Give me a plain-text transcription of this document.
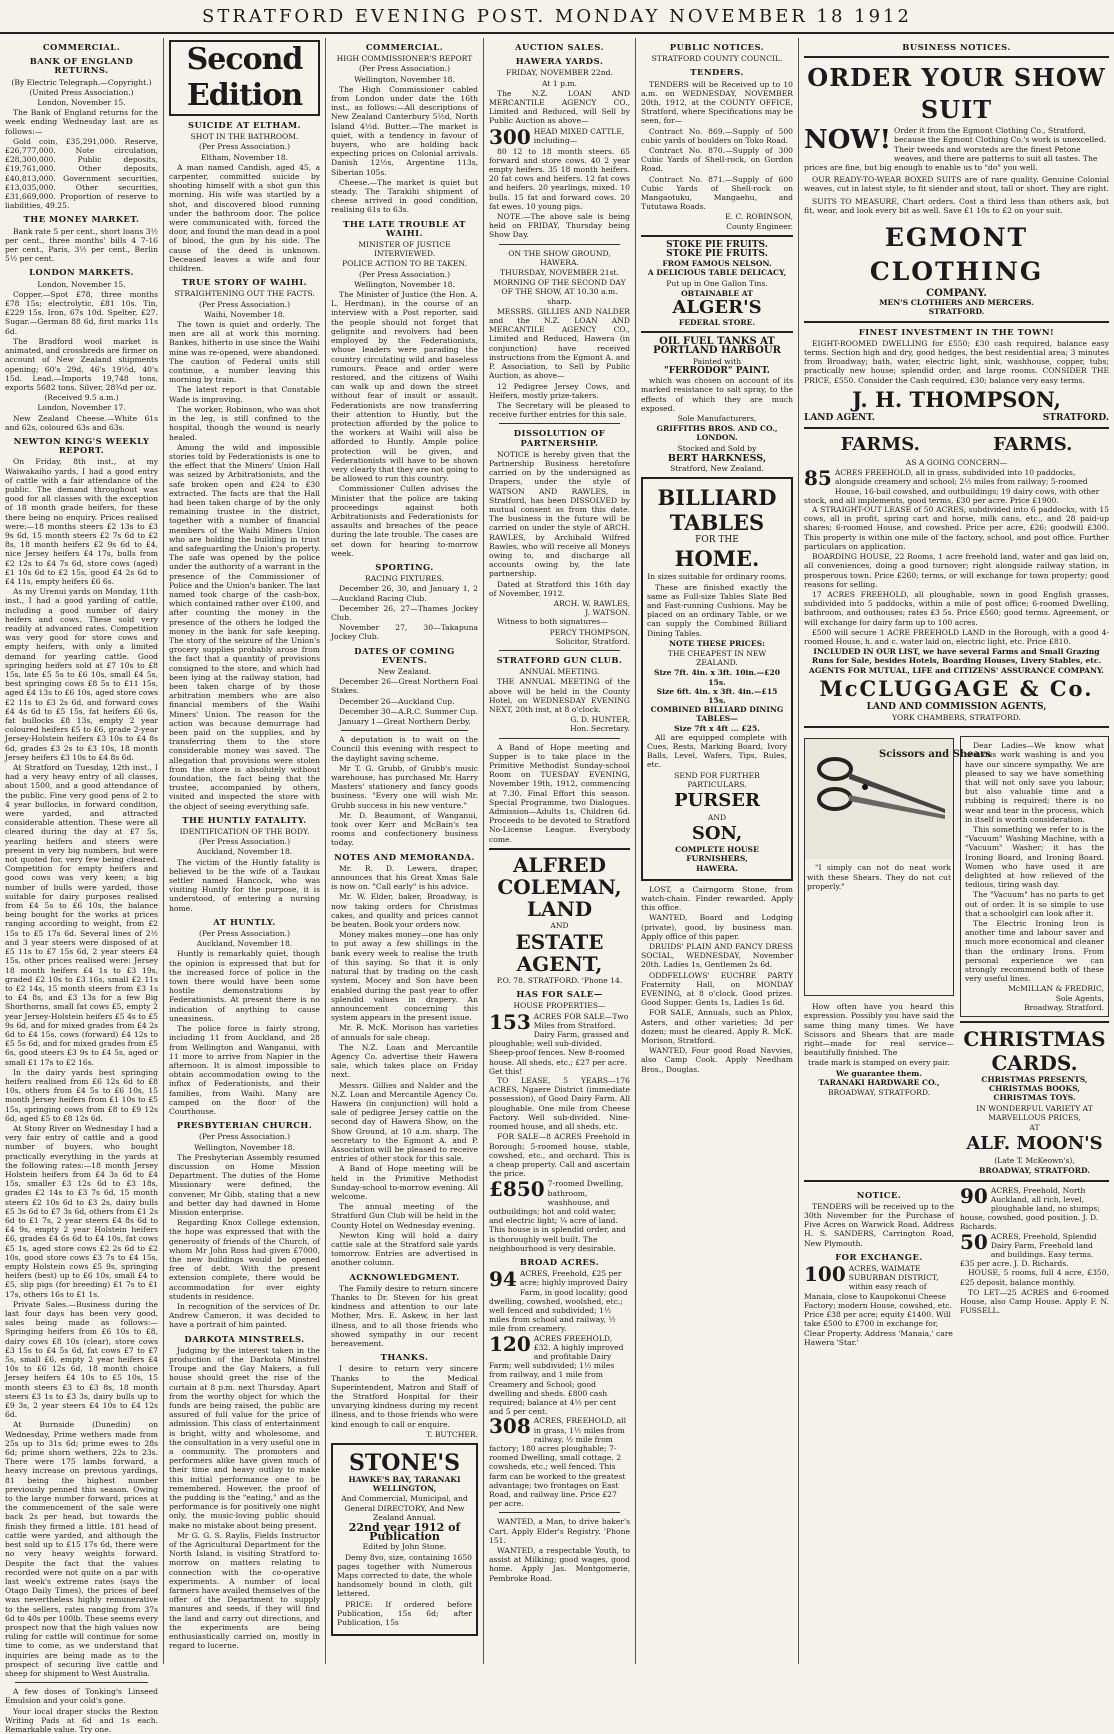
STRATFORD EVENING POST. MONDAY NOVEMBER 18 1912
COMMERCIAL.
BANK OF ENGLAND RETURNS.
(By Electric Telegraph.—Copyright.)
(United Press Association.)
London, November 15.

The Bank of England returns for the week ending Wednesday last are as follows:—

Gold coin, £35,291,000. Reserve, £26,777,000. Note circulation, £28,300,000. Public deposits, £19,761,000. Other deposits, £40,813,000. Government securities, £13,035,000. Other securities, £31,669,000. Proportion of reserve to liabilities, 49.25.

THE MONEY MARKET.

Bank rate 5 per cent., short loans 3½ per cent., three months' bills 4 7-16 per cent., Paris, 3½ per cent., Berlin 5½ per cent.

LONDON MARKETS.
London, November 15.

Copper.—Spot £78, three months £78 15s; electrolytic, £81 10s. Tin, £229 15s. Iron, 67s 10d. Spelter, £27. Sugar.—German 88 6d, first marks 11s 6d.

The Bradford wool market is animated, and crossbreds are firmer on account of New Zealand shipments opening; 60's 29d, 46's 19½d, 40's 15d. Lead.—Imports 19,748 tons, exports 5682 tons. Silver, 28¾d per oz.

(Received 9.5 a.m.)
London, November 17.

New Zealand Cheese.—White 61s and 62s, coloured 63s and 63s.

NEWTON KING'S WEEKLY REPORT.

On Friday, 8th inst., at my Waiwakaiho yards, I had a good entry of cattle with a fair attendance of the public. The demand throughout was good for all classes with the exception of 18 month grade heifers, for these there being no enquiry. Prices realised were:—18 months steers £2 13s to £3 9s 6d, 15 month steers £2 7s 6d to £2 8s, 18 month heifers £2 9s 6d to £4, nice Jersey heifers £4 17s, bulls from £2 12s to £4 7s 6d, store cows (aged) £1 10s 6d to £2 15s, good £4 2s 6d to £4 11s, empty heifers £6 6s.

As my Urenui yards on Monday, 11th inst., I had a good yarding of cattle, including a good number of dairy heifers and cows. These sold very readily at advanced rates. Competition was very good for store cows and empty heifers, with only a limited demand for yearling cattle. Good springing heifers sold at £7 10s to £8 15s, late £5 5s to £6 10s, small £4 5s, best springing cows £8 5s to £11 15s, aged £4 13s to £6 10s, aged store cows £2 11s to £3 2s 6d, and forward cows £4 4s 6d to £5 15s, fat heifers £6 6s, fat bullocks £8 13s, empty 2 year coloured heifers £5 to £6, grade 2-year Jersey-Holstein heifers £3 10s to £4 8s 6d, grades £3 2s to £3 10s, 18 month Jersey heifers £3 10s to £4 8s 6d.

At Stratford on Tuesday, 12th inst., I had a very heavy entry of all classes, about 1500, and a good attendance of the public. Fine very good pens of 2 to 4 year bullocks, in forward condition, were yarded, and attracted considerable attention. These were all cleared during the day at £7 5s, yearling heifers and steers were present in very big numbers, but were not quoted for, very few being cleared. Competition for empty heifers and good cows was very keen; a big number of bulls were yarded, those suitable for dairy purposes realised from £4 5s to £6 10s, the balance being bought for the works at prices ranging according to weight, from £2 15s to £5 17s 6d. Several lines of 2½ and 3 year steers were disposed of at £5 11s to £7 15s 6d, 2 year steers £4 15s, other prices realised were: Jersey 18 month heifers £4 1s to £3 19s, graded £2 10s to £3 16s, small £2 11s to £2 14s, 15 month steers from £3 1s to £4 8s, and £3 13s for a few Big Shorthorns, small fat cows £5, empty 2 year Jersey-Holstein heifers £5 4s to £5 9s 6d, and for mixed grades from £4 2s 6d to £4 15s, cows (forward) £4 12s to £5 5s 6d, and for mixed grades from £5 6s, good steers £3 9s to £4 5s, aged or small £1 17s to £2 16s.

In the dairy yards best springing heifers realised from £6 12s 6d to £8 10s, others from £4 5s to £6 10s, 15 month Jersey heifers from £1 10s to £5 15s, springing cows from £8 to £9 12s 6d, aged £5 to £8 12s 6d.

At Stony River on Wednesday I had a very fair entry of cattle and a good number of buyers, who bought practically everything in the yards at the following rates:—18 month Jersey Holstein heifers from £4 3s 6d to £4 15s, smaller £3 12s 6d to £3 18s, grades £2 14s to £3 7s 6d, 15 month steers £2 10s 6d to £3 2s, dairy bulls £5 3s 6d to £7 3s 6d, others from £1 2s 6d to £1 7s, 2 year steers £4 8s 6d to £4 9s, empty 2 year Holstein heifers £6, grades £4 6s 6d to £4 10s, fat cows £5 1s, aged store cows £2 2s 6d to £2 10s, good store cows £3 7s to £4 15s, empty Holstein cows £5 9s, springing heifers (best) up to £6 10s, small £4 to £5, slip pigs (for breeding) £1 7s to £1 17s, others 16s to £1 1s.

Private Sales.—Business during the last four days has been very good, sales being made as follows:—Springing heifers from £6 10s to £8, dairy cows £8 10s (clear), store cows £3 15s to £4 5s 6d, fat cows £7 to £7 5s, small £6, empty 2 year heifers £4 10s to £6 12s 6d, 18 month choice Jersey heifers £4 10s to £5 10s, 15 month steers £3 to £3 8s, 18 month steers £3 1s to £3 3s, dairy bulls up to £9 3s, 2 year steers £4 10s to £4 12s 6d.

At Burnside (Dunedin) on Wednesday, Prime wethers made from 25s up to 31s 6d; prime ewes to 28s 6d; prime shorn wethers, 22s to 23s. There were 175 lambs forward, a heavy increase on previous yardings, 81 being the highest number previously penned this season. Owing to the large number forward, prices at the commencement of the sale were back 2s per head, but towards the finish they firmed a little. 181 head of cattle were yarded, and although the best sold up to £15 17s 6d, there were no very heavy weights forward. Despite the fact that the values recorded were not quite on a par with last week's extreme rates (says the Otago Daily Times), the prices of beef was nevertheless highly remunerative to the sellers, rates ranging from 37s 6d to 40s per 100lb. These seems every prospect now that the high values now ruling for cattle will continue for some time to come, as we understand that inquiries are being made as to the prospect of securing live cattle and sheep for shipment to West Australia.

A few doses of Tonking's Linseed Emulsion and your cold's gone.

Your local draper stocks the Rexton Writing Pads at 6d and 1s each. Remarkable value. Try one.

Second Edition
SUICIDE AT ELTHAM.
SHOT IN THE BATHROOM.
(Per Press Association.)
Eltham, November 18.

A man named Candish, aged 45, a carpenter, committed suicide by shooting himself with a shot gun this morning. His wife was startled by a shot, and discovered blood running under the bathroom door. The police were communicated with, forced the door, and found the man dead in a pool of blood, the gun by his side. The cause of the deed is unknown. Deceased leaves a wife and four children.

TRUE STORY OF WAIHI.
STRAIGHTENING OUT THE FACTS.
(Per Press Association.)
Waihi, November 18.

The town is quiet and orderly. The men are all at work this morning. Bankes, hitherto in use since the Waihi mine was re-opened, were abandoned. The caution of Federal units still continue, a number leaving this morning by train.

The latest report is that Constable Wade is improving.

The worker, Robinson, who was shot in the leg, is still confined to the hospital, though the wound is nearly healed.

Among the wild and impossible stories told by Federationists is one to the effect that the Miners' Union Hall was seized by Arbitrationists, and the safe broken open and £24 to £30 extracted. The facts are that the Hall had been taken charge of by the only remaining trustee in the district, together with a number of financial members of the Waihi Miners Union who are holding the building in trust and safeguarding the Union's property. The safe was opened by the police under the authority of a warrant in the presence of the Commissioner of Police and the Union's banker. The last named took charge of the cash-box, which contained rather over £100, and after counting the money in the presence of the others he lodged the money in the bank for safe keeping. The story of the seizure of the Union's grocery supplies probably arose from the fact that a quantity of provisions consigned to the store, and which had been lying at the railway station, had been taken charge of by those arbitration members who are also financial members of the Waihi Miners' Union. The reason for the action was because demurrage had been paid on the supplies, and by transferring them to the store considerable money was saved. The allegation that provisions were stolen from the store is absolutely without foundation, the fact being that the trustee, accompanied by others, visited and inspected the store with the object of seeing everything safe.

THE HUNTLY FATALITY.
IDENTIFICATION OF THE BODY.
(Per Press Association.)
Auckland, November 18.

The victim of the Huntly fatality is believed to be the wife of a Taukau settler named Hancock, who was visiting Huntly for the purpose, it is understood, of entering a nursing home.

AT HUNTLY.
(Per Press Association.)
Auckland, November 18.

Huntly is remarkably quiet, though the opinion is expressed that but for the increased force of police in the town there would have been some hostile demonstrations by Federationists. At present there is no indication of anything to cause uneasiness.

The police force is fairly strong, including 11 from Auckland, and 28 from Wellington and Wanganui, with 11 more to arrive from Napier in the afternoon. It is almost impossible to obtain accommodation owing to the influx of Federationists, and their families, from Waihi. Many are camped on the floor of the Courthouse.

PRESBYTERIAN CHURCH.
(Per Press Association.)
Wellington, November 18.

The Presbyterian Assembly resumed discussion on Home Mission Department. The duties of the Home Missionary were defined, the convener, Mr Gibb, stating that a new and better day had dawned in Home Mission enterprise.

Regarding Knox College extension, the hope was expressed that with the generosity of friends of the Church, of whom Mr John Ross had given £7000, the new buildings would be opened free of debt. With the present extension complete, there would be accommodation for over eighty students in residence.

In recognition of the services of Dr. Andrew Cameron, it was decided to have a portrait of him painted.

DARKOTA MINSTRELS.

Judging by the interest taken in the production of the Darkota Minstrel Troupe and the Gay Makers, a full house should greet the rise of the curtain at 8 p.m. next Thursday. Apart from the worthy object for which the funds are being raised, the public are assured of full value for the price of admission. This class of entertainment is bright, witty and wholesome, and the consultation in a very useful one in a community. The promoters and performers alike have given much of their time and heavy outlay to make this initial performance one to be remembered. However, the proof of the pudding is the "eating," and as the performance is for positively one night only, the music-loving public should make no mistake about being present.

Mr G. G. S. Raylis, Fields Instructor of the Agricultural Department for the North Island, is visiting Stratford to-morrow on matters relating to connection with the co-operative experiments. A number of local farmers have availed themselves of the offer of the Department to supply manures and seeds, if they will find the land and carry out directions, and the experiments are being enthusiastically carried on, mostly in regard to lucerne.

COMMERCIAL.
HIGH COMMISSIONER'S REPORT
(Per Press Association.)
Wellington, November 18.

The High Commissioner cabled from London under date the 16th inst., as follows:—All descriptions of New Zealand Canterbury 5½d, North Island 4½d. Butter.—The market is quiet, with a tendency in favour of buyers, who are holding back expecting prices on Colonial arrivals. Danish 12½s, Argentine 113s, Siberian 105s.

Cheese.—The market is quiet but steady. The Tarakihi shipment of cheese arrived in good condition, realising 61s to 63s.

THE LATE TROUBLE AT WAIHI.
MINISTER OF JUSTICE INTERVIEWED.
POLICE ACTION TO BE TAKEN.
(Per Press Association.)
Wellington, November 18.

The Minister of Justice (the Hon. A. L. Herdman), in the course of an interview with a Post reporter, said the people should not forget that gelignite and revolvers had been employed by the Federationists, whose leaders were parading the country circulating wild and baseless rumours. Peace and order were restored, and the citizens of Waihi can walk up and down the street without fear of insult or assault. Federationists are now transferring their attention to Huntly, but the protection afforded by the police to the workers at Waihi will also be afforded to Huntly. Ample police protection will be given, and Federationists will have to be shown very clearly that they are not going to be allowed to run this country.

Commissioner Cullen advises the Minister that the police are taking proceedings against both Arbitrationists and Federationists for assaults and breaches of the peace during the late trouble. The cases are set down for hearing to-morrow week.

SPORTING.
RACING FIXTURES.

December 26, 30, and January 1, 2—Auckland Racing Club.

December 26, 27—Thames Jockey Club.

November 27, 30—Takapuna Jockey Club.

DATES OF COMING EVENTS.
New Zealand.

December 26—Great Northern Foal Stakes.

December 26—Auckland Cup.

December 30—A.R.C. Summer Cup.

January 1—Great Northern Derby.

A deputation is to wait on the Council this evening with respect to the daylight saving scheme.

Mr T. G. Grubb, of Grubb's music warehouse, has purchased Mr. Harry Masters' stationery and fancy goods business. "Every one will wish Mr. Grubb success in his new venture."

Mr. D. Beaumont, of Wanganui, took over Kerr and McBain's tea rooms and confectionery business today.

NOTES AND MEMORANDA.

Mr. R. D. Lewers, draper, announces that his Great Xmas Sale is now on. "Call early" is his advice.

Mr. W. Elder, baker, Broadway, is now taking orders for Christmas cakes, and quality and prices cannot be beaten. Book your orders now.

Money makes money—one has only to put away a few shillings in the bank every week to realise the truth of this saying. So that it is only natural that by trading on the cash system, Mocey and Son have been enabled during the past year to offer splendid values in drapery. An announcement concerning this system appears in the present issue.

Mr. R. McK. Morison has varieties of annuals for sale cheap.

The N.Z. Loan and Mercantile Agency Co. advertise their Hawera sale, which takes place on Friday next.

Messrs. Gillies and Nalder and the N.Z. Loan and Mercantile Agency Co. Hawera (in conjunction) will hold a sale of pedigree Jersey cattle on the second day of Hawera Show, on the Show Ground, at 10 a.m. sharp. The secretary to the Egmont A. and P. Association will be pleased to receive entries of other stock for this sale.

A Band of Hope meeting will be held in the Primitive Methodist Sunday-school to-morrow evening. All welcome.

The annual meeting of the Stratford Gun Club will be held in the County Hotel on Wednesday evening.

Newton King will hold a dairy cattle sale at the Stratford sale yards tomorrow. Entries are advertised in another column.

ACKNOWLEDGMENT.

The Family desire to return sincere Thanks to Dr. Steven for his great kindness and attention to our late Mother, Mrs. E. Askew, in her last illness, and to all those friends who showed sympathy in our recent bereavement.

THANKS.

I desire to return very sincere Thanks to the Medical Superintendent, Matron and Staff of the Stratford Hospital for their unvarying kindness during my recent illness, and to those friends who were kind enough to call or enquire.

T. BUTCHER.
STONE'S
HAWKE'S BAY, TARANAKI WELLINGTON,
And Commercial, Municipal, and General DIRECTORY, And New Zealand Annual.
22nd year 1912 of Publication
Edited by John Stone.

Demy 8vo, size, containing 1650 pages together with Numerous Maps corrected to date, the whole handsomely bound in cloth, gilt lettered.

PRICE: If ordered before Publication, 15s 6d; after Publication, 15s

AUCTION SALES.
HAWERA YARDS.
FRIDAY, NOVEMBER 22nd.
At 1 p.m.

The N.Z. LOAN AND MERCANTILE AGENCY CO., Limited and Reduced, will Sell by Public Auction as above—

300 HEAD MIXED CATTLE, including—

80 12 to 18 month steers. 65 forward and store cows. 40 2 year empty heifers. 35 18 month heifers. 20 fat cows and heifers. 12 fat cows and heifers. 20 yearlings, mixed. 10 bulls. 15 fat and forward cows. 20 fat ewes. 10 young pigs.

NOTE.—The above sale is being held on FRIDAY, Thursday being Show Day.

ON THE SHOW GROUND, HAWERA.
THURSDAY, NOVEMBER 21st.
MORNING OF THE SECOND DAY OF THE SHOW, AT 10.30 a.m. sharp.

MESSRS. GILLIES AND NALDER and the N.Z. LOAN AND MERCANTILE AGENCY CO., Limited and Reduced, Hawera (in conjunction) have received instructions from the Egmont A. and P. Association, to Sell by Public Auction, as above—

12 Pedigree Jersey Cows, and Heifers, mostly prize-takers.

The Secretary will be pleased to receive further entries for this sale.

DISSOLUTION OF PARTNERSHIP.

NOTICE is hereby given that the Partnership Business heretofore carried on by the undersigned as Drapers, under the style of WATSON AND RAWLES, in Stratford, has been DISSOLVED by mutual consent as from this date. The business in the future will be carried on under the style of ARCH. RAWLES, by Archibald Wilfred Rawles, who will receive all Moneys owing to, and discharge all accounts owing by, the late partnership.

Dated at Stratford this 16th day of November, 1912.

ARCH. W. RAWLES,
J. WATSON.

Witness to both signatures—

PERCY THOMPSON,
Solicitor, Stratford.
STRATFORD GUN CLUB.
ANNUAL MEETING.

THE ANNUAL MEETING of the above will be held in the County Hotel, on WEDNESDAY EVENING NEXT, 20th inst, at 8 o'clock.

G. D. HUNTER,
Hon. Secretary.

A Band of Hope meeting and Supper is to take place in the Primitive Methodist Sunday-school Room on TUESDAY EVENING, November 19th, 1912, commencing at 7.30. Final Effort this season. Special Programme, two Dialogues. Admission—Adults 1s, Children 6d. Proceeds to be devoted to Stratford No-License League. Everybody come.

ALFRED
COLEMAN,
LAND
AND
ESTATE
AGENT,
P.O. 78. STRATFORD. 'Phone 14.
HAS FOR SALE—
HOUSE PROPERTIES—
153 ACRES FOR SALE—Two Miles from Stratford. Dairy Farm, grassed and ploughable; well sub-divided. Sheep-proof fences. New 8-roomed house. All sheds, etc.; £27 per acre. Get this!

TO LEASE, 5 YEARS—176 ACRES, Ngaere District (immediate possession), of Good Dairy Farm. All ploughable. One mile from Cheese Factory. Well sub-divided. Nine-roomed house, and all sheds, etc.

FOR SALE—8 ACRES Freehold in Borough; 5-roomed house, stable, cowshed, etc., and orchard. This is a cheap property. Call and ascertain the price.

£850 7-roomed Dwelling, bathroom, washhouse, and outbuildings; hot and cold water, and electric light; ¼ acre of land. This house is in splendid order, and is thoroughly well built. The neighbourhood is very desirable.
BROAD ACRES.
94 ACRES, Freehold, £25 per acre; highly improved Dairy Farm, in good locality; good dwelling, cowshed, woolshed, etc.; well fenced and subdivided; 1½ miles from school and railway, ½ mile from creamery.
120 ACRES FREEHOLD, £32. A highly improved and profitable Dairy Farm; well subdivided; 1½ miles from railway, and 1 mile from Creamery and School; good dwelling and sheds. £800 cash required; balance at 4½ per cent and 5 per cent.
308 ACRES, FREEHOLD, all in grass, 1½ miles from railway, ½ mile from factory; 180 acres ploughable; 7-roomed Dwelling, small cottage, 2 cowsheds, etc.; well fenced. This farm can be worked to the greatest advantage; two frontages on East Road, and railway line. Price £27 per acre.

WANTED, a Man, to drive baker's Cart. Apply Elder's Registry. 'Phone 151.

WANTED, a respectable Youth, to assist at Milking; good wages, good home. Apply Jas. Montgomerie, Pembroke Road.

PUBLIC NOTICES.
STRATFORD COUNTY COUNCIL.
TENDERS.

TENDERS will be Received up to 10 a.m. on WEDNESDAY, NOVEMBER 20th, 1912, at the COUNTY OFFICE, Stratford, where Specifications may be seen, for—

Contract No. 869.—Supply of 500 cubic yards of boulders on Toko Road.

Contract No. 870.—Supply of 300 Cubic Yards of Shell-rock, on Gordon Road.

Contract No. 871.—Supply of 600 Cubic Yards of Shell-rock on Mangaotuku, Mangaehu, and Tututawa Roads.

E. C. ROBINSON,
County Engineer.
STOKE PIE FRUITS.
STOKE PIE FRUITS.
FROM FAMOUS NELSON.
A DELICIOUS TABLE DELICACY,
Put up in One Gallon Tins.
OBTAINABLE AT
ALGER'S
FEDERAL STORE.
OIL FUEL TANKS AT
PORTLAND HARBOUR
Painted with
"FERRODOR" PAINT.

which was chosen on account of its marked resistance to salt spray, to the effects of which they are much exposed.

Sole Manufacturers,
GRIFFITHS BROS. AND CO., LONDON.
Stocked and Sold by
BERT HARKNESS,
Stratford, New Zealand.
BILLIARD
TABLES
FOR THE
HOME.
In sizes suitable for ordinary rooms.

These are finished exactly the same as Full-size Tables Slate Bed and Fast-running Cushions. May be placed on an ordinary Table, or we can supply the Combined Billiard Dining Tables.

NOTE THESE PRICES:
THE CHEAPEST IN NEW ZEALAND.
Size 7ft. 4in. x 3ft. 10in.—£20 15s.
Size 6ft. 4in. x 3ft. 4in.—£15 15s.
COMBINED BILLIARD DINING TABLES—
Size 7ft x 4ft ... £25.

All are equipped complete with Cues, Rests, Marking Board, Ivory Balls, Level, Wafers, Tips, Rules, etc.

SEND FOR FURTHER PARTICULARS.
PURSER
AND
SON,
COMPLETE HOUSE FURNISHERS,
HAWERA.

LOST, a Cairngorm Stone, from watch-chain. Finder rewarded. Apply this office.

WANTED, Board and Lodging (private), good, by business man. Apply office of this paper.

DRUIDS' PLAIN AND FANCY DRESS SOCIAL, WEDNESDAY, November 20th. Ladies 1s, Gentlemen 2s 6d.

ODDFELLOWS' EUCHRE PARTY Fraternity Hall, on MONDAY EVENING, at 8 o'clock. Good prizes. Good Supper. Gents 1s, Ladies 1s 6d.

FOR SALE, Annuals, such as Phlox, Asters, and other varieties; 3d per dozen; must be cleared. Apply R. McK. Morison, Stratford.

WANTED, Four good Road Navvies, also Camp Cook. Apply Needham Bros., Douglas.

BUSINESS NOTICES.
ORDER YOUR SHOW SUIT
NOW! Order it from the Egmont Clothing Co., Stratford, because the Egmont Clothing Co.'s work is unexcelled. Their tweeds and worsteds are the finest Petone weaves, and there are patterns to suit all tastes. The prices are fine, but big enough to enable us to "do" you well.

OUR READY-TO-WEAR BOXED SUITS are of rare quality. Genuine Colonial weaves, cut in latest style, to fit slender and stout, tall or short. They are right.

SUITS TO MEASURE, Chart orders. Cost a third less than others ask, but fit, wear, and look every bit as well. Save £1 10s to £2 on your suit.

EGMONT CLOTHING
COMPANY.
MEN'S CLOTHIERS AND MERCERS.
STRATFORD.
FINEST INVESTMENT IN THE TOWN!

EIGHT-ROOMED DWELLING for £550; £30 cash required, balance easy terms. Section high and dry, good hedges, the best residential area; 3 minutes from Broadway; bath, water, electric light, sink, washhouse, copper, tubs; practically new house; splendid order, and large rooms. CONSIDER THE PRICE, £550. Consider the Cash required, £30; balance very easy terms.

J. H. THOMPSON,
LAND AGENT.	STRATFORD.
FARMS.	FARMS.
AS A GOING CONCERN—
85 ACRES FREEHOLD, all in grass, subdivided into 10 paddocks, alongside creamery and school; 2½ miles from railway; 5-roomed House, 16-bail cowshed, and outbuildings; 19 dairy cows, with other stock, and all implements, good terms, £30 per acre. Price £1900.

A STRAIGHT-OUT LEASE of 50 ACRES, subdivided into 6 paddocks, with 15 cows, all in profit, spring cart and horse, milk cans, etc., and 28 paid-up shares; 6-roomed House, and cowshed. Price per acre, £26; goodwill £300. This property is within one mile of the factory, school, and post office. Further particulars on application.

BOARDING HOUSE, 22 Rooms, 1 acre freehold land, water and gas laid on, all conveniences, doing a good turnover; right alongside railway station, in prosperous town. Price £260; terms, or will exchange for town property; good reasons for selling.

17 ACRES FREEHOLD, all ploughable, sown in good English grasses, subdivided into 5 paddocks, within a mile of post office; 6-roomed Dwelling, bathroom, and outhouses; rates £3 5s. Price £560; good terms. Agreement, or will exchange for dairy farm up to 100 acres.

£500 will secure 1 ACRE FREEHOLD LAND in the Borough, with a good 4-roomed House, h. and c. water laid on, electric light, etc. Price £810.

INCLUDED IN OUR LIST, we have several Farms and Small Grazing Runs for Sale, besides Hotels, Boarding Houses, Livery Stables, etc.
AGENTS FOR MUTUAL, LIFE and CITIZENS' ASSURANCE COMPANY.
McCLUGGAGE & Co.
LAND AND COMMISSION AGENTS,
YORK CHAMBERS, STRATFORD.
Scissors and Shears

"I simply can not do neat work with these Shears. They do not cut properly."

How often have you heard this expression. Possibly you have said the same thing many times. We have Scissors and Shears that are made right—made for real service—beautifully finished. The

trade mark is stamped on every pair.
We guarantee them.
TARANAKI HARDWARE CO.,
BROADWAY, STRATFORD.

Dear Ladies—We know what arduous work washing is and you have our sincere sympathy. We are pleased to say we have something that will not only save you labour, but also valuable time and a rubbing is required; there is no wear and tear in the process, which in itself is worth consideration.

This something we refer to is the "Vacuum" Washing Machine, with a "Vacuum" Washer; it has the Ironing Board, and Ironing Board. Women who have used it are delighted at how relieved of the tedious, tiring wash day.

The "Vacuum" has no parts to get out of order. It is so simple to use that a schoolgirl can look after it.

The Electric Ironing Iron is another time and labour saver and much more economical and cleaner than the ordinary Irons. From personal experience we can strongly recommend both of these very useful lines.

McMILLAN & FREDRIC,
Sole Agents,
Broadway, Stratford.
CHRISTMAS
CARDS.
CHRISTMAS PRESENTS,
CHRISTMAS BOOKS,
CHRISTMAS TOYS.
IN WONDERFUL VARIETY AT MARVELLOUS PRICES,
AT
ALF. MOON'S
(Late T. McKeown's),
BROADWAY, STRATFORD.
NOTICE.

TENDERS will be received up to the 30th November for the Purchase of Five Acres on Warwick Road. Address H. S. SANDERS, Carrington Road, New Plymouth.

FOR EXCHANGE.
100 ACRES, WAIMATE SUBURBAN DISTRICT, within easy reach of Manaia, close to Kaupokonui Cheese Factory; modern House, cowshed, etc. Price £38 per acre; equity £1400. Will take £500 to £700 in exchange for, Clear Property. Address 'Manaia,' care Hawera 'Star.'
90 ACRES, Freehold, North Auckland, all rich, level, ploughable land, no stumps; house, cowshed, good position. J. D. Richards.
50 ACRES, Freehold, Splendid Dairy Farm, Freehold land and buildings. Easy terms. £35 per acre. J. D. Richards.

HOUSE, 5 rooms, full 4 acre, £350, £25 deposit, balance monthly.

TO LET—25 ACRES and 6-roomed House, also Camp House. Apply F. N. FUSSELL.
